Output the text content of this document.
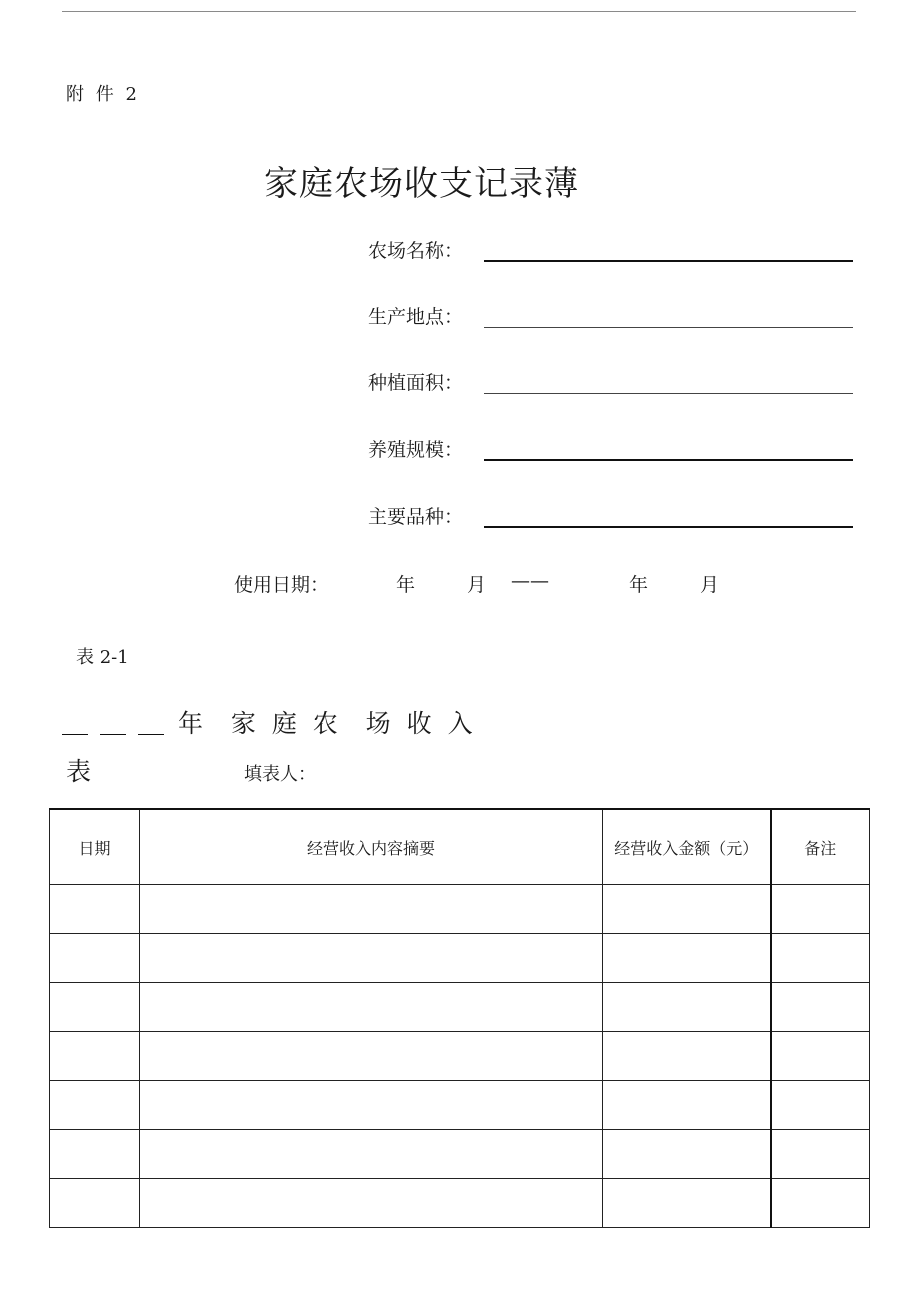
附 件 2
家庭农场收支记录薄
农场名称：
生产地点：
种植面积：
养殖规模：
主要品种：
使用日期：	年	月 ——	年	月
表 2-1
年  家 庭 农  场 收 入
表	填表人：
日期	经营收入内容摘要	经营收入金额（元）	备注
